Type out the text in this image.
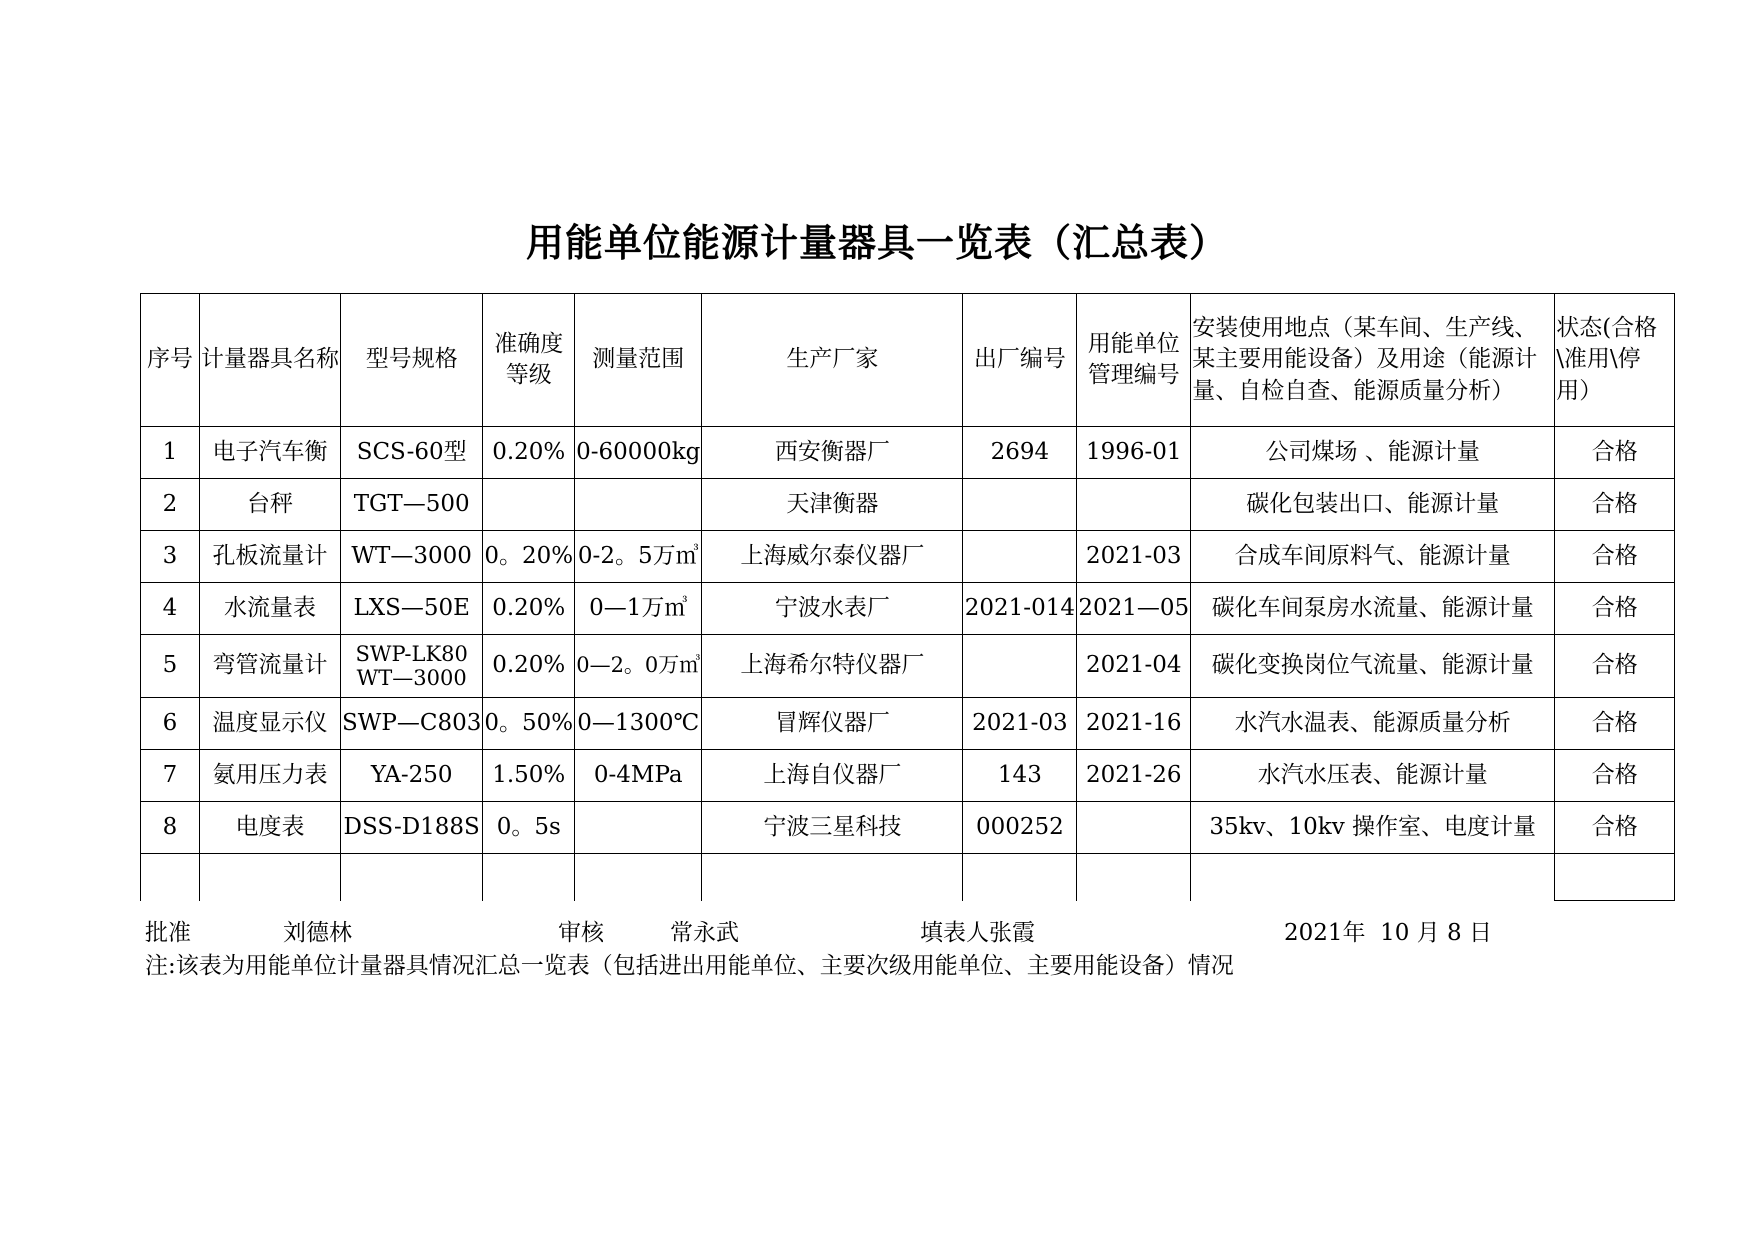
用能单位能源计量器具一览表（汇总表）
序号	计量器具名称	型号规格	准确度等级	测量范围	生产厂家	出厂编号	用能单位管理编号	安装使用地点（某车间、生产线、某主要用能设备）及用途（能源计量、自检自查、能源质量分析）	状态(合格\准用\停用）
1	电子汽车衡	SCS-60型	0.20%	0-60000kg	西安衡器厂	2694	1996-01	公司煤场 、能源计量	合格
2	台秤	TGT—500			天津衡器			碳化包装出口、能源计量	合格
3	孔板流量计	WT—3000	0。20%	0-2。5万㎥	上海威尔泰仪器厂		2021-03	合成车间原料气、能源计量	合格
4	水流量表	LXS—50E	0.20%	0—1万㎥	宁波水表厂	2021-014	2021—05	碳化车间泵房水流量、能源计量	合格
5	弯管流量计	SWP-LK80 WT—3000	0.20%	0—2。0万㎥	上海希尔特仪器厂		2021-04	碳化变换岗位气流量、能源计量	合格
6	温度显示仪	SWP—C803	0。50%	0—1300℃	冒辉仪器厂	2021-03	2021-16	水汽水温表、能源质量分析	合格
7	氨用压力表	YA-250	1.50%	0-4MPa	上海自仪器厂	143	2021-26	水汽水压表、能源计量	合格
8	电度表	DSS-D188S	0。5s		宁波三星科技	000252		35kv、10kv 操作室、电度计量	合格

批准	刘德林	审核	常永武	填表人张霞	2021年  10 月 8 日
注:该表为用能单位计量器具情况汇总一览表（包括进出用能单位、主要次级用能单位、主要用能设备）情况
